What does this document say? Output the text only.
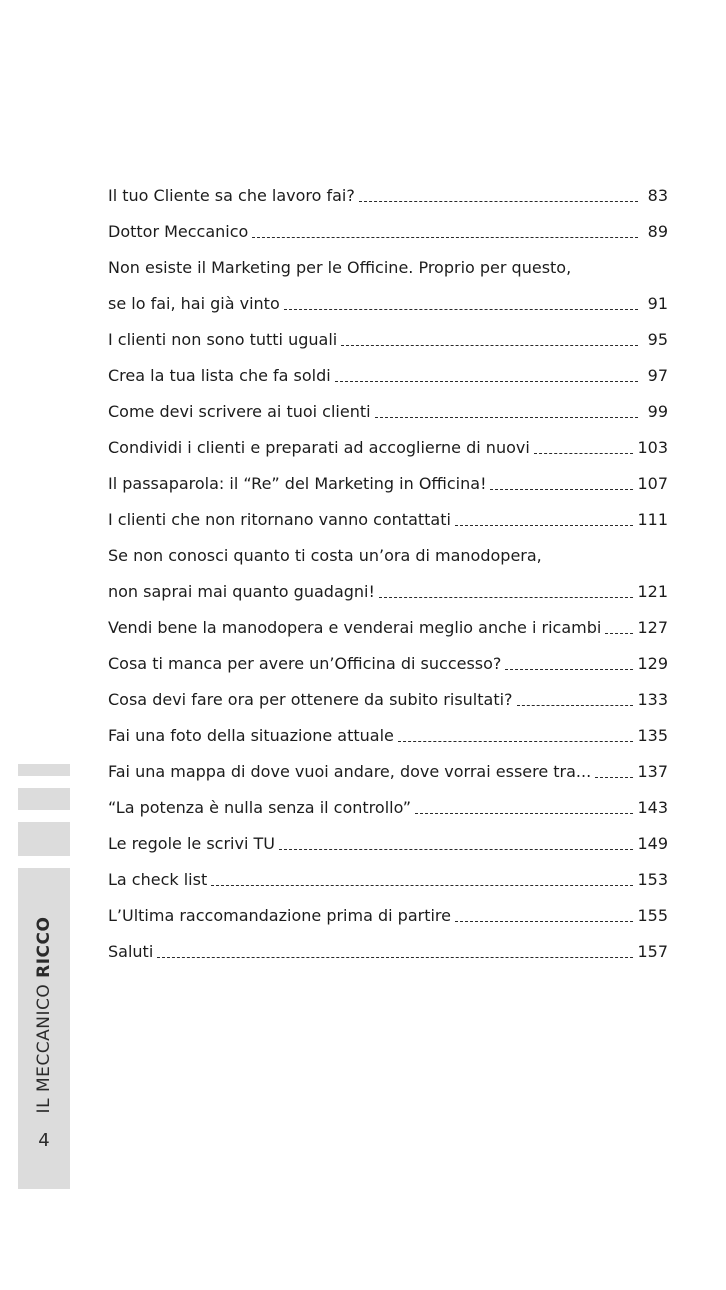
Il tuo Cliente sa che lavoro fai?	83
Dottor Meccanico	89
Non esiste il Marketing per le Officine. Proprio per questo,
se lo fai, hai già vinto	91
I clienti non sono tutti uguali	95
Crea la tua lista che fa soldi	97
Come devi scrivere ai tuoi clienti	99
Condividi i clienti e preparati ad accoglierne di nuovi	103
Il passaparola: il “Re” del Marketing in Officina!	107
I clienti che non ritornano vanno contattati	111
Se non conosci quanto ti costa un’ora di manodopera,
non saprai mai quanto guadagni!	121
Vendi bene la manodopera e venderai meglio anche i ricambi 127
Cosa ti manca per avere un’Officina di successo?	129
Cosa devi fare ora per ottenere da subito risultati?	133
Fai una foto della situazione attuale	135
Fai una mappa di dove vuoi andare, dove vorrai essere tra...	137
“La potenza è nulla senza il controllo”	143
Le regole le scrivi TU	149
La check list	153
L’Ultima raccomandazione prima di partire	155
Saluti	157
IL MECCANICO RICCO
4
